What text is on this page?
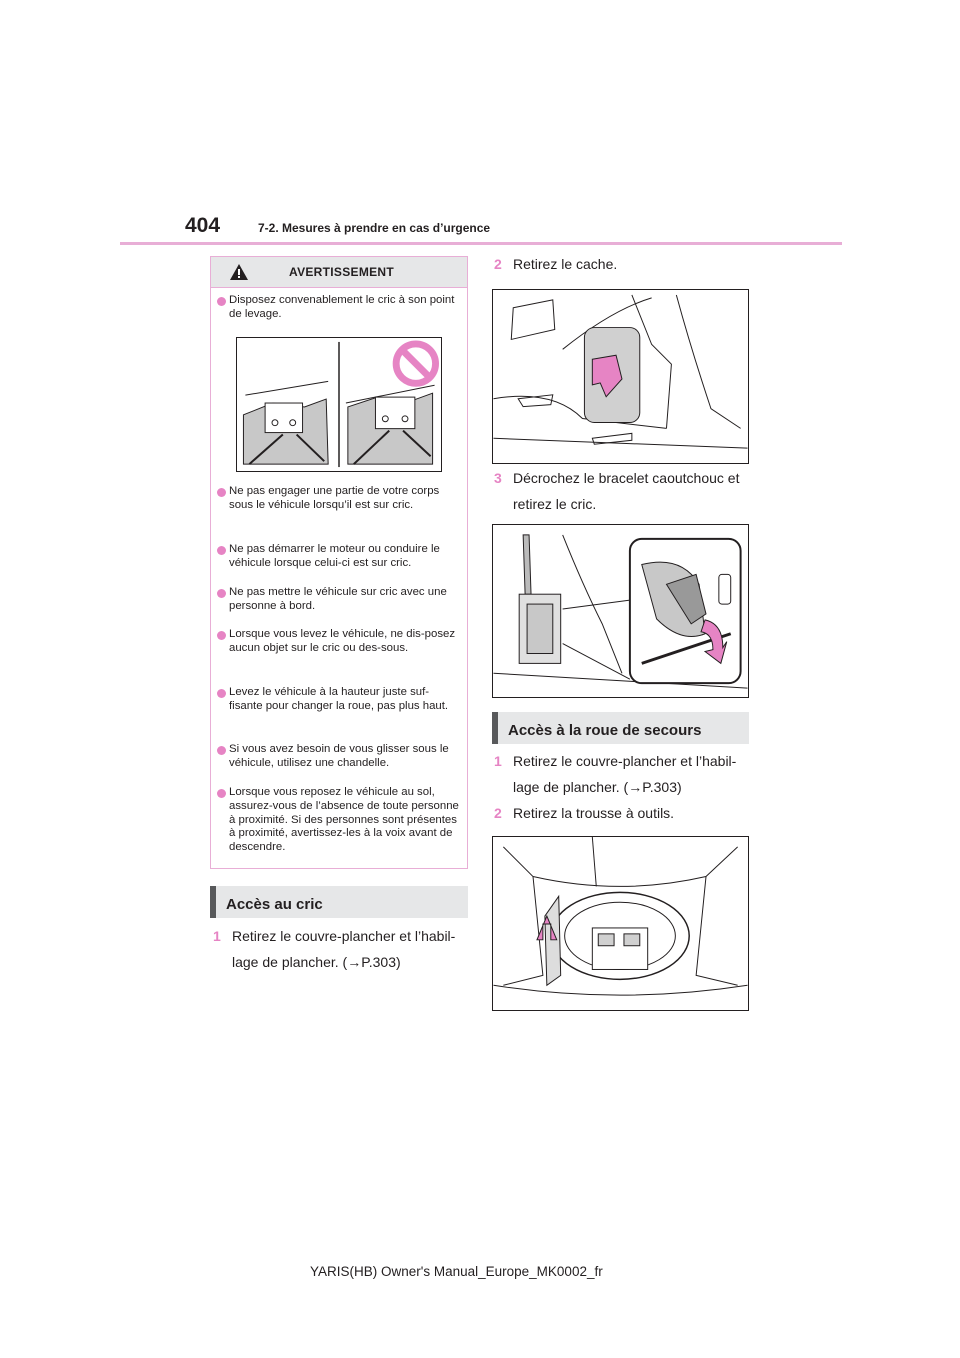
404	7-2. Mesures à prendre en cas d’urgence
AVERTISSEMENT
Disposez convenablement le cric à son point de levage.
Ne pas engager une partie de votre corps sous le véhicule lorsqu’il est sur cric.
Ne pas démarrer le moteur ou conduire le véhicule lorsque celui-ci est sur cric.
Ne pas mettre le véhicule sur cric avec une personne à bord.
Lorsque vous levez le véhicule, ne dis-posez aucun objet sur le cric ou des-sous.
Levez le véhicule à la hauteur juste suf-fisante pour changer la roue, pas plus haut.
Si vous avez besoin de vous glisser sous le véhicule, utilisez une chandelle.
Lorsque vous reposez le véhicule au sol, assurez-vous de l’absence de toute personne à proximité. Si des personnes sont présentes à proximité, avertissez-les à la voix avant de descendre.
Accès au cric
1 Retirez le couvre-plancher et l’habil-lage de plancher. (→P.303)
2 Retirez le cache.
3 Décrochez le bracelet caoutchouc et retirez le cric.
Accès à la roue de secours
1 Retirez le couvre-plancher et l’habil-lage de plancher. (→P.303)
2 Retirez la trousse à outils.
YARIS(HB) Owner's Manual_Europe_MK0002_fr
